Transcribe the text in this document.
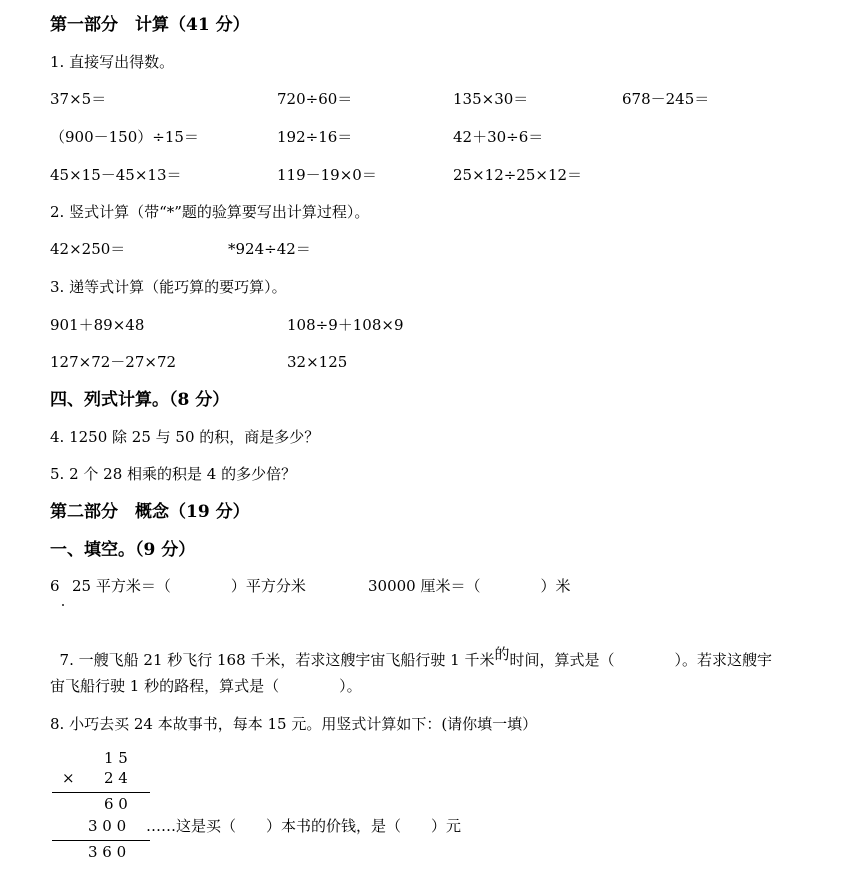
第一部分　计算（41 分）
1. 直接写出得数。
37×5＝	720÷60＝	135×30＝	678－245＝
（900－150）÷15＝	192÷16＝	42＋30÷6＝
45×15－45×13＝	119－19×0＝	25×12÷25×12＝
2. 竖式计算（带“*”题的验算要写出计算过程）。
42×250＝	*924÷42＝
3. 递等式计算（能巧算的要巧算）。
901＋89×48	108÷9＋108×9
127×72－27×72	32×125
四、列式计算。（8 分）
4. 1250 除 25 与 50 的积，商是多少？
5. 2 个 28 相乘的积是 4 的多少倍？
第二部分　概念（19 分）
一、填空。（9 分）
6 25 平方米＝（　　　　）平方分米	30000 厘米＝（　　　　）米

7. 一艘飞船 21 秒飞行 168 千米，若求这艘宇宙飞船行驶 1 千米的时间，算式是（　　　　）。若求这艘宇

宙飞船行驶 1 秒的路程，算式是（　　　　）。
8. 小巧去买 24 本故事书，每本 15 元。用竖式计算如下：(请你填一填）
1 5
× 2 4
6 0
3 0 0 ……这是买（　　）本书的价钱，是（　　）元
3 6 0
